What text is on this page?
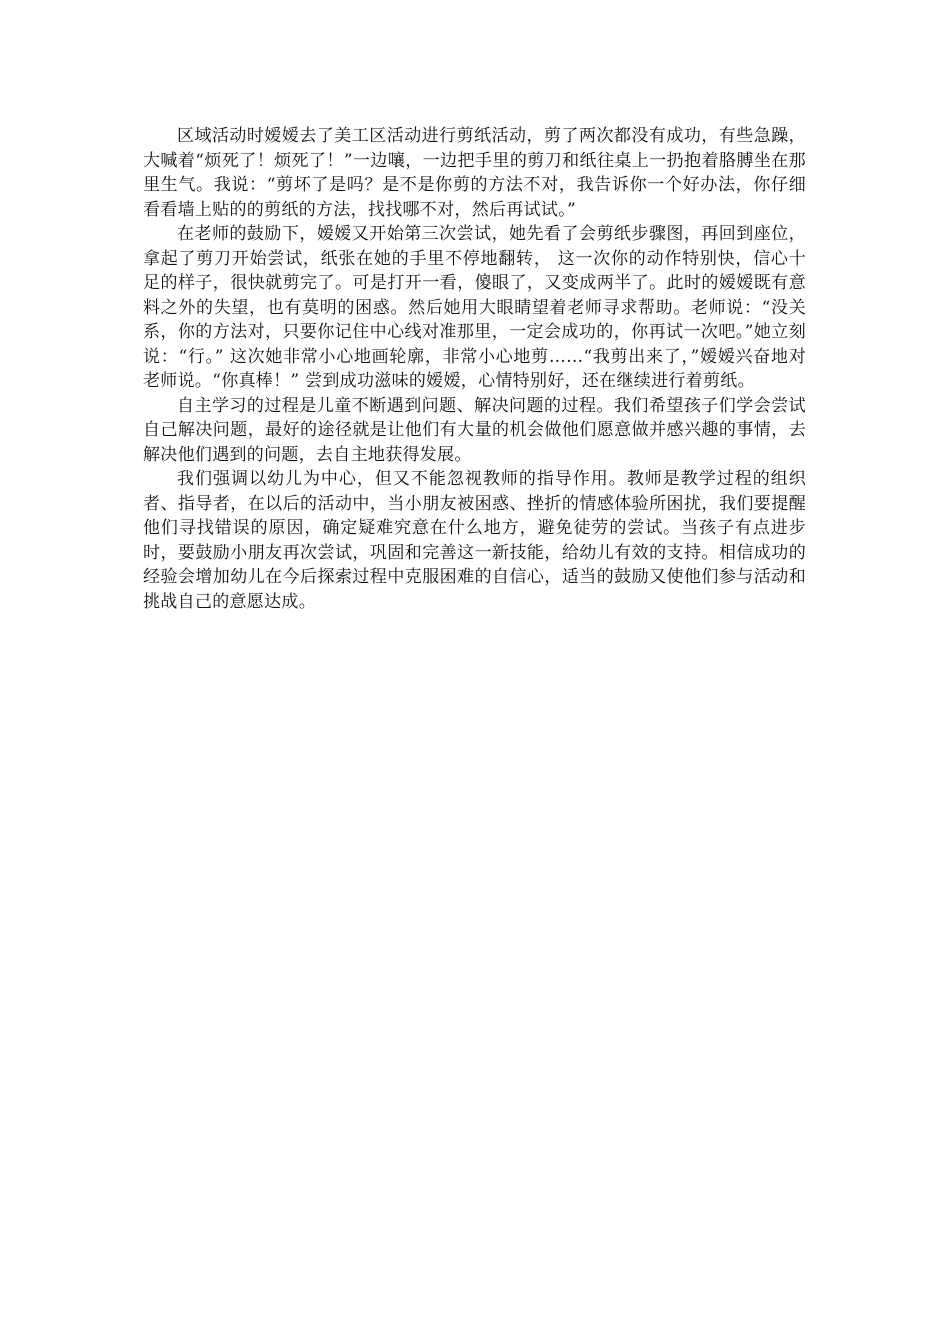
区域活动时嫒嫒去了美工区活动进行剪纸活动，剪了两次都没有成功，有些急躁，大喊着“烦死了！烦死了！”一边嚷，一边把手里的剪刀和纸往桌上一扔抱着胳膊坐在那里生气。我说：“剪坏了是吗？是不是你剪的方法不对，我告诉你一个好办法，你仔细看看墙上贴的的剪纸的方法，找找哪不对，然后再试试。”

在老师的鼓励下，嫒嫒又开始第三次尝试，她先看了会剪纸步骤图，再回到座位，拿起了剪刀开始尝试，纸张在她的手里不停地翻转， 这一次你的动作特别快，信心十足的样子，很快就剪完了。可是打开一看，傻眼了，又变成两半了。此时的嫒嫒既有意料之外的失望，也有莫明的困惑。然后她用大眼睛望着老师寻求帮助。老师说：“没关系，你的方法对，只要你记住中心线对准那里，一定会成功的，你再试一次吧。”她立刻说：“行。” 这次她非常小心地画轮廓，非常小心地剪……“我剪出来了，”嫒嫒兴奋地对老师说。“你真棒！” 尝到成功滋味的嫒嫒，心情特别好，还在继续进行着剪纸。

自主学习的过程是儿童不断遇到问题、解决问题的过程。我们希望孩子们学会尝试自己解决问题，最好的途径就是让他们有大量的机会做他们愿意做并感兴趣的事情，去解决他们遇到的问题，去自主地获得发展。

我们强调以幼儿为中心，但又不能忽视教师的指导作用。教师是教学过程的组织者、指导者，在以后的活动中，当小朋友被困惑、挫折的情感体验所困扰，我们要提醒他们寻找错误的原因，确定疑难究意在什么地方，避免徒劳的尝试。当孩子有点进步时，要鼓励小朋友再次尝试，巩固和完善这一新技能，给幼儿有效的支持。相信成功的经验会增加幼儿在今后探索过程中克服困难的自信心，适当的鼓励又使他们参与活动和挑战自己的意愿达成。
